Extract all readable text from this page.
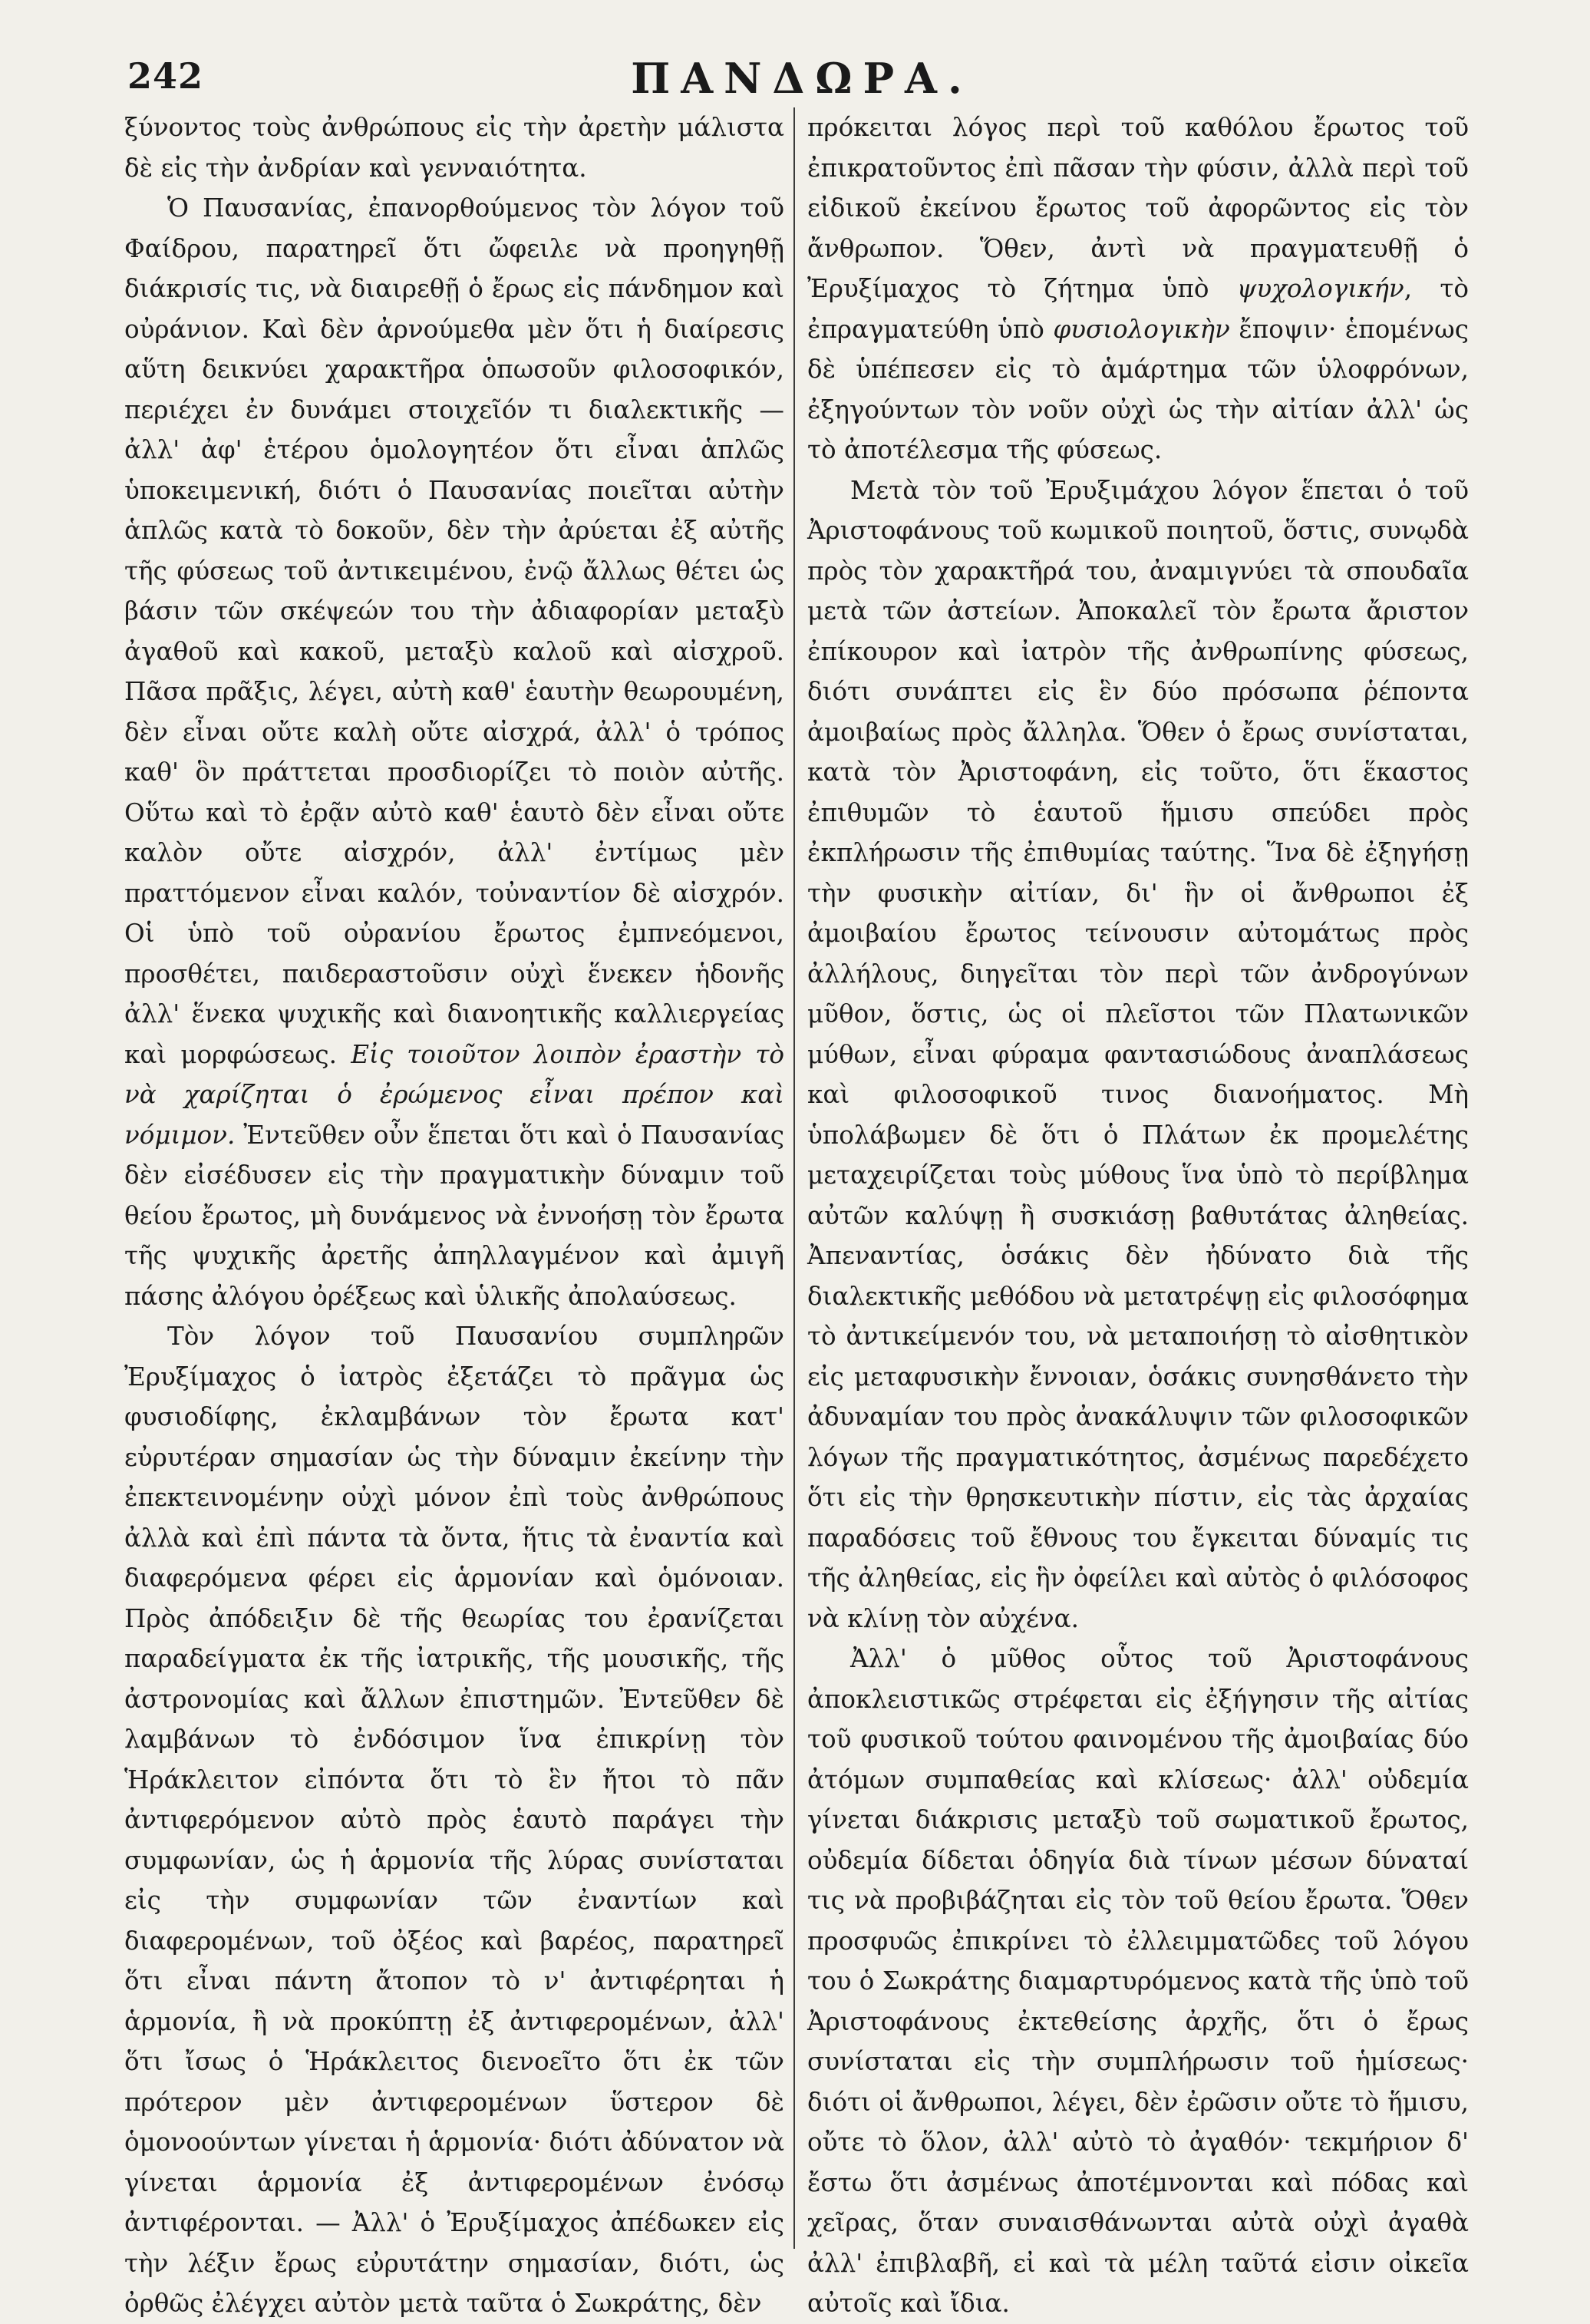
242	ΠΑΝΔΩΡΑ.

ξύνοντος τοὺς ἀνθρώπους εἰς τὴν ἀρετὴν μάλιστα δὲ εἰς τὴν ἀνδρίαν καὶ γενναιότητα.

Ὁ Παυσανίας, ἐπανορθούμενος τὸν λόγον τοῦ Φαίδρου, παρατηρεῖ ὅτι ὤφειλε νὰ προηγηθῇ διάκρισίς τις, νὰ διαιρεθῇ ὁ ἔρως εἰς πάνδημον καὶ οὐράνιον. Καὶ δὲν ἀρνούμεθα μὲν ὅτι ἡ διαίρεσις αὕτη δεικνύει χαρακτῆρα ὁπωσοῦν φιλοσοφικόν, περιέχει ἐν δυνάμει στοιχεῖόν τι διαλεκτικῆς — ἀλλ' ἀφ' ἑτέρου ὁμολογητέον ὅτι εἶναι ἁπλῶς ὑποκειμενική, διότι ὁ Παυσανίας ποιεῖται αὐτὴν ἁπλῶς κατὰ τὸ δοκοῦν, δὲν τὴν ἀρύεται ἐξ αὐτῆς τῆς φύσεως τοῦ ἀντικειμένου, ἐνῷ ἄλλως θέτει ὡς βάσιν τῶν σκέψεών του τὴν ἀδιαφορίαν μεταξὺ ἀγαθοῦ καὶ κακοῦ, μεταξὺ καλοῦ καὶ αἰσχροῦ. Πᾶσα πρᾶξις, λέγει, αὐτὴ καθ' ἑαυτὴν θεωρουμένη, δὲν εἶναι οὔτε καλὴ οὔτε αἰσχρά, ἀλλ' ὁ τρόπος καθ' ὃν πράττεται προσδιορίζει τὸ ποιὸν αὐτῆς. Οὕτω καὶ τὸ ἐρᾷν αὐτὸ καθ' ἑαυτὸ δὲν εἶναι οὔτε καλὸν οὔτε αἰσχρόν, ἀλλ' ἐντίμως μὲν πραττόμενον εἶναι καλόν, τοὐναντίον δὲ αἰσχρόν. Οἱ ὑπὸ τοῦ οὐρανίου ἔρωτος ἐμπνεόμενοι, προσθέτει, παιδεραστοῦσιν οὐχὶ ἕνεκεν ἡδονῆς ἀλλ' ἕνεκα ψυχικῆς καὶ διανοητικῆς καλλιεργείας καὶ μορφώσεως. Εἰς τοιοῦτον λοιπὸν ἐραστὴν τὸ νὰ χαρίζηται ὁ ἐρώμενος εἶναι πρέπον καὶ νόμιμον. Ἐντεῦθεν οὖν ἕπεται ὅτι καὶ ὁ Παυσανίας δὲν εἰσέδυσεν εἰς τὴν πραγματικὴν δύναμιν τοῦ θείου ἔρωτος, μὴ δυνάμενος νὰ ἐννοήσῃ τὸν ἔρωτα τῆς ψυχικῆς ἀρετῆς ἀπηλλαγμένον καὶ ἀμιγῆ πάσης ἀλόγου ὀρέξεως καὶ ὑλικῆς ἀπολαύσεως.

Τὸν λόγον τοῦ Παυσανίου συμπληρῶν Ἐρυξίμαχος ὁ ἰατρὸς ἐξετάζει τὸ πρᾶγμα ὡς φυσιοδίφης, ἐκλαμβάνων τὸν ἔρωτα κατ' εὐρυτέραν σημασίαν ὡς τὴν δύναμιν ἐκείνην τὴν ἐπεκτεινομένην οὐχὶ μόνον ἐπὶ τοὺς ἀνθρώπους ἀλλὰ καὶ ἐπὶ πάντα τὰ ὄντα, ἥτις τὰ ἐναντία καὶ διαφερόμενα φέρει εἰς ἁρμονίαν καὶ ὁμόνοιαν. Πρὸς ἀπόδειξιν δὲ τῆς θεωρίας του ἐρανίζεται παραδείγματα ἐκ τῆς ἰατρικῆς, τῆς μουσικῆς, τῆς ἀστρονομίας καὶ ἄλλων ἐπιστημῶν. Ἐντεῦθεν δὲ λαμβάνων τὸ ἐνδόσιμον ἵνα ἐπικρίνῃ τὸν Ἡράκλειτον εἰπόντα ὅτι τὸ ἓν ἤτοι τὸ πᾶν ἀντιφερόμενον αὐτὸ πρὸς ἑαυτὸ παράγει τὴν συμφωνίαν, ὡς ἡ ἁρμονία τῆς λύρας συνίσταται εἰς τὴν συμφωνίαν τῶν ἐναντίων καὶ διαφερομένων, τοῦ ὀξέος καὶ βαρέος, παρατηρεῖ ὅτι εἶναι πάντη ἄτοπον τὸ ν' ἀντιφέρηται ἡ ἁρμονία, ἢ νὰ προκύπτῃ ἐξ ἀντιφερομένων, ἀλλ' ὅτι ἴσως ὁ Ἡράκλειτος διενοεῖτο ὅτι ἐκ τῶν πρότερον μὲν ἀντιφερομένων ὕστερον δὲ ὁμονοούντων γίνεται ἡ ἁρμονία· διότι ἀδύνατον νὰ γίνεται ἁρμονία ἐξ ἀντιφερομένων ἐνόσῳ ἀντιφέρονται. — Ἀλλ' ὁ Ἐρυξίμαχος ἀπέδωκεν εἰς τὴν λέξιν ἔρως εὐρυτάτην σημασίαν, διότι, ὡς ὀρθῶς ἐλέγχει αὐτὸν μετὰ ταῦτα ὁ Σωκράτης, δὲν

πρόκειται λόγος περὶ τοῦ καθόλου ἔρωτος τοῦ ἐπικρατοῦντος ἐπὶ πᾶσαν τὴν φύσιν, ἀλλὰ περὶ τοῦ εἰδικοῦ ἐκείνου ἔρωτος τοῦ ἀφορῶντος εἰς τὸν ἄνθρωπον. Ὅθεν, ἀντὶ νὰ πραγματευθῇ ὁ Ἐρυξίμαχος τὸ ζήτημα ὑπὸ ψυχολογικήν, τὸ ἐπραγματεύθη ὑπὸ φυσιολογικὴν ἔποψιν· ἑπομένως δὲ ὑπέπεσεν εἰς τὸ ἁμάρτημα τῶν ὑλοφρόνων, ἐξηγούντων τὸν νοῦν οὐχὶ ὡς τὴν αἰτίαν ἀλλ' ὡς τὸ ἀποτέλεσμα τῆς φύσεως.

Μετὰ τὸν τοῦ Ἐρυξιμάχου λόγον ἕπεται ὁ τοῦ Ἀριστοφάνους τοῦ κωμικοῦ ποιητοῦ, ὅστις, συνῳδὰ πρὸς τὸν χαρακτῆρά του, ἀναμιγνύει τὰ σπουδαῖα μετὰ τῶν ἀστείων. Ἀποκαλεῖ τὸν ἔρωτα ἄριστον ἐπίκουρον καὶ ἰατρὸν τῆς ἀνθρωπίνης φύσεως, διότι συνάπτει εἰς ἓν δύο πρόσωπα ῥέποντα ἀμοιβαίως πρὸς ἄλληλα. Ὅθεν ὁ ἔρως συνίσταται, κατὰ τὸν Ἀριστοφάνη, εἰς τοῦτο, ὅτι ἕκαστος ἐπιθυμῶν τὸ ἑαυτοῦ ἥμισυ σπεύδει πρὸς ἐκπλήρωσιν τῆς ἐπιθυμίας ταύτης. Ἵνα δὲ ἐξηγήσῃ τὴν φυσικὴν αἰτίαν, δι' ἣν οἱ ἄνθρωποι ἐξ ἀμοιβαίου ἔρωτος τείνουσιν αὐτομάτως πρὸς ἀλλήλους, διηγεῖται τὸν περὶ τῶν ἀνδρογύνων μῦθον, ὅστις, ὡς οἱ πλεῖστοι τῶν Πλατωνικῶν μύθων, εἶναι φύραμα φαντασιώδους ἀναπλάσεως καὶ φιλοσοφικοῦ τινος διανοήματος. Μὴ ὑπολάβωμεν δὲ ὅτι ὁ Πλάτων ἐκ προμελέτης μεταχειρίζεται τοὺς μύθους ἵνα ὑπὸ τὸ περίβλημα αὐτῶν καλύψῃ ἢ συσκιάσῃ βαθυτάτας ἀληθείας. Ἀπεναντίας, ὁσάκις δὲν ἠδύνατο διὰ τῆς διαλεκτικῆς μεθόδου νὰ μετατρέψῃ εἰς φιλοσόφημα τὸ ἀντικείμενόν του, νὰ μεταποιήσῃ τὸ αἰσθητικὸν εἰς μεταφυσικὴν ἔννοιαν, ὁσάκις συνησθάνετο τὴν ἀδυναμίαν του πρὸς ἀνακάλυψιν τῶν φιλοσοφικῶν λόγων τῆς πραγματικότητος, ἀσμένως παρεδέχετο ὅτι εἰς τὴν θρησκευτικὴν πίστιν, εἰς τὰς ἀρχαίας παραδόσεις τοῦ ἔθνους του ἔγκειται δύναμίς τις τῆς ἀληθείας, εἰς ἣν ὀφείλει καὶ αὐτὸς ὁ φιλόσοφος νὰ κλίνῃ τὸν αὐχένα.

Ἀλλ' ὁ μῦθος οὗτος τοῦ Ἀριστοφάνους ἀποκλειστικῶς στρέφεται εἰς ἐξήγησιν τῆς αἰτίας τοῦ φυσικοῦ τούτου φαινομένου τῆς ἀμοιβαίας δύο ἀτόμων συμπαθείας καὶ κλίσεως· ἀλλ' οὐδεμία γίνεται διάκρισις μεταξὺ τοῦ σωματικοῦ ἔρωτος, οὐδεμία δίδεται ὁδηγία διὰ τίνων μέσων δύναταί τις νὰ προβιβάζηται εἰς τὸν τοῦ θείου ἔρωτα. Ὅθεν προσφυῶς ἐπικρίνει τὸ ἐλλειμματῶδες τοῦ λόγου του ὁ Σωκράτης διαμαρτυρόμενος κατὰ τῆς ὑπὸ τοῦ Ἀριστοφάνους ἐκτεθείσης ἀρχῆς, ὅτι ὁ ἔρως συνίσταται εἰς τὴν συμπλήρωσιν τοῦ ἡμίσεως· διότι οἱ ἄνθρωποι, λέγει, δὲν ἐρῶσιν οὔτε τὸ ἥμισυ, οὔτε τὸ ὅλον, ἀλλ' αὐτὸ τὸ ἀγαθόν· τεκμήριον δ' ἔστω ὅτι ἀσμένως ἀποτέμνονται καὶ πόδας καὶ χεῖρας, ὅταν συναισθάνωνται αὐτὰ οὐχὶ ἀγαθὰ ἀλλ' ἐπιβλαβῆ, εἰ καὶ τὰ μέλη ταῦτά εἰσιν οἰκεῖα αὐτοῖς καὶ ἴδια.
